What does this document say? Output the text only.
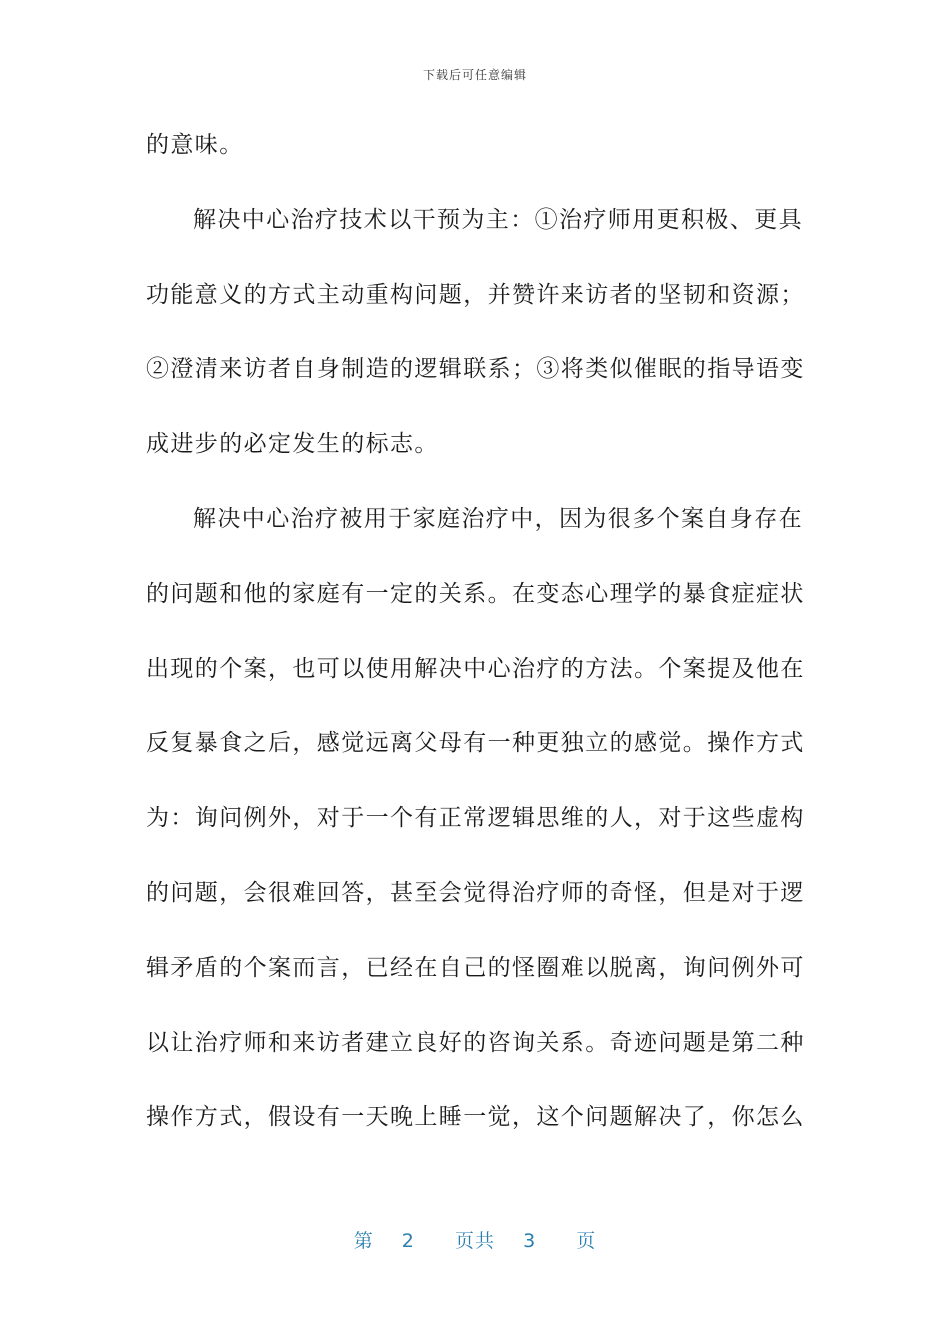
下载后可任意编辑
的意味。
解决中心治疗技术以干预为主：①治疗师用更积极、更具
功能意义的方式主动重构问题，并赞许来访者的坚韧和资源；
②澄清来访者自身制造的逻辑联系；③将类似催眠的指导语变
成进步的必定发生的标志。
解决中心治疗被用于家庭治疗中，因为很多个案自身存在
的问题和他的家庭有一定的关系。在变态心理学的暴食症症状
出现的个案，也可以使用解决中心治疗的方法。个案提及他在
反复暴食之后，感觉远离父母有一种更独立的感觉。操作方式
为：询问例外，对于一个有正常逻辑思维的人，对于这些虚构
的问题，会很难回答，甚至会觉得治疗师的奇怪，但是对于逻
辑矛盾的个案而言，已经在自己的怪圈难以脱离，询问例外可
以让治疗师和来访者建立良好的咨询关系。奇迹问题是第二种
操作方式，假设有一天晚上睡一觉，这个问题解决了，你怎么
第 2 页共 3 页
